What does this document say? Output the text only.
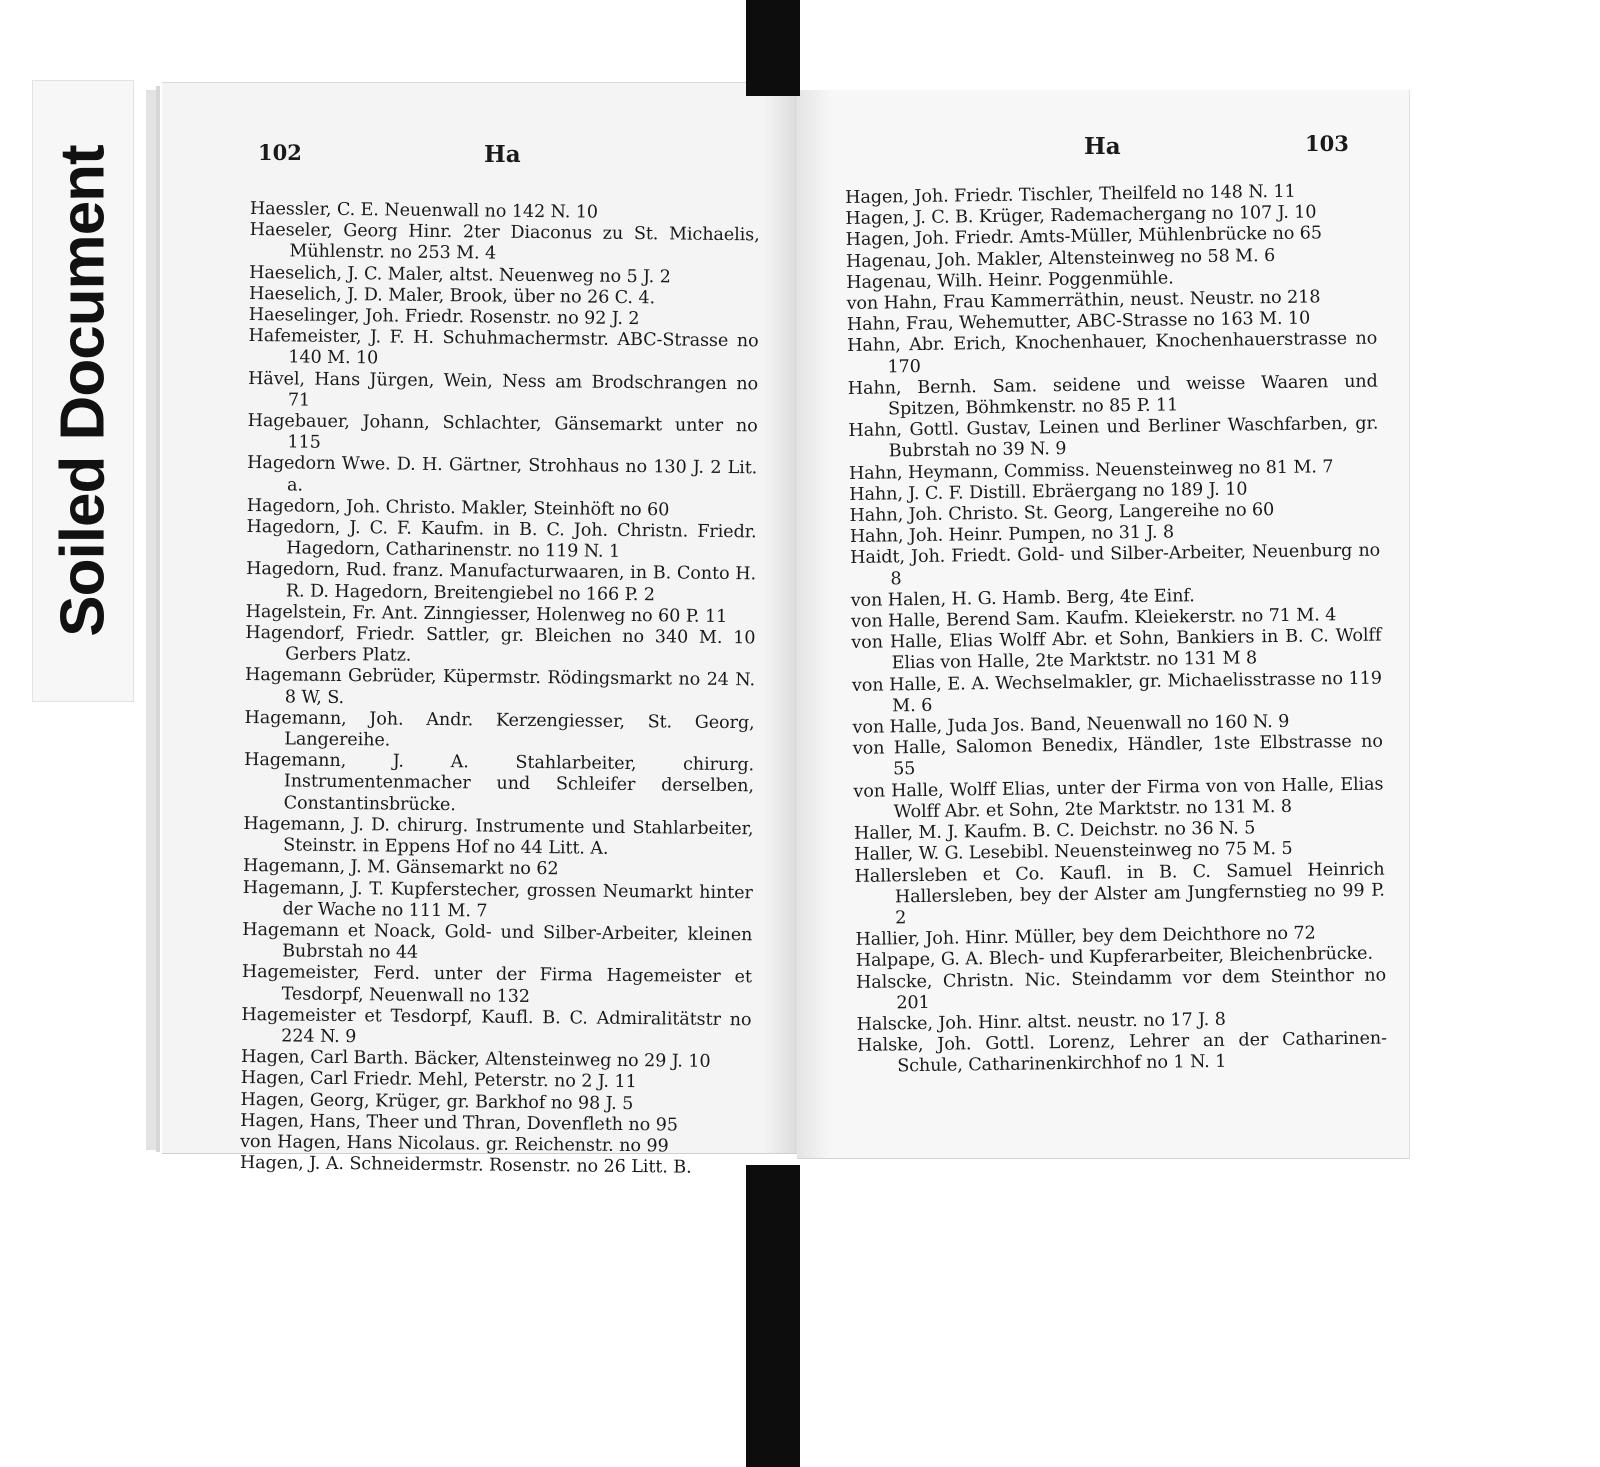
Soiled Document	102	Ha
Haessler, C. E. Neuenwall no 142 N. 10
Haeseler, Georg Hinr. 2ter Diaconus zu St. Michaelis, Mühlenstr. no 253 M. 4
Haeselich, J. C. Maler, altst. Neuenweg no 5 J. 2
Haeselich, J. D. Maler, Brook, über no 26 C. 4.
Haeselinger, Joh. Friedr. Rosenstr. no 92 J. 2
Hafemeister, J. F. H. Schuhmachermstr. ABC-Strasse no 140 M. 10
Hävel, Hans Jürgen, Wein, Ness am Brodschrangen no 71
Hagebauer, Johann, Schlachter, Gänsemarkt unter no 115
Hagedorn Wwe. D. H. Gärtner, Strohhaus no 130 J. 2 Lit. a.
Hagedorn, Joh. Christo. Makler, Steinhöft no 60
Hagedorn, J. C. F. Kaufm. in B. C. Joh. Christn. Friedr. Hagedorn, Catharinenstr. no 119 N. 1
Hagedorn, Rud. franz. Manufacturwaaren, in B. Conto H. R. D. Hagedorn, Breitengiebel no 166 P. 2
Hagelstein, Fr. Ant. Zinngiesser, Holenweg no 60 P. 11
Hagendorf, Friedr. Sattler, gr. Bleichen no 340 M. 10 Gerbers Platz.
Hagemann Gebrüder, Küpermstr. Rödingsmarkt no 24 N. 8 W, S.
Hagemann, Joh. Andr. Kerzengiesser, St. Georg, Langereihe.
Hagemann, J. A. Stahlarbeiter, chirurg. Instrumentenmacher und Schleifer derselben, Constantinsbrücke.
Hagemann, J. D. chirurg. Instrumente und Stahlarbeiter, Steinstr. in Eppens Hof no 44 Litt. A.
Hagemann, J. M. Gänsemarkt no 62
Hagemann, J. T. Kupferstecher, grossen Neumarkt hinter der Wache no 111 M. 7
Hagemann et Noack, Gold- und Silber-Arbeiter, kleinen Bubrstah no 44
Hagemeister, Ferd. unter der Firma Hagemeister et Tesdorpf, Neuenwall no 132
Hagemeister et Tesdorpf, Kaufl. B. C. Admiralitätstr no 224 N. 9
Hagen, Carl Barth. Bäcker, Altensteinweg no 29 J. 10
Hagen, Carl Friedr. Mehl, Peterstr. no 2 J. 11
Hagen, Georg, Krüger, gr. Barkhof no 98 J. 5
Hagen, Hans, Theer und Thran, Dovenfleth no 95
von Hagen, Hans Nicolaus. gr. Reichenstr. no 99
Hagen, J. A. Schneidermstr. Rosenstr. no 26 Litt. B.
Ha	103
Hagen, Joh. Friedr. Tischler, Theilfeld no 148 N. 11
Hagen, J. C. B. Krüger, Rademachergang no 107 J. 10
Hagen, Joh. Friedr. Amts-Müller, Mühlenbrücke no 65
Hagenau, Joh. Makler, Altensteinweg no 58 M. 6
Hagenau, Wilh. Heinr. Poggenmühle.
von Hahn, Frau Kammerräthin, neust. Neustr. no 218
Hahn, Frau, Wehemutter, ABC-Strasse no 163 M. 10
Hahn, Abr. Erich, Knochenhauer, Knochenhauerstrasse no 170
Hahn, Bernh. Sam. seidene und weisse Waaren und Spitzen, Böhmkenstr. no 85 P. 11
Hahn, Gottl. Gustav, Leinen und Berliner Waschfarben, gr. Bubrstah no 39 N. 9
Hahn, Heymann, Commiss. Neuensteinweg no 81 M. 7
Hahn, J. C. F. Distill. Ebräergang no 189 J. 10
Hahn, Joh. Christo. St. Georg, Langereihe no 60
Hahn, Joh. Heinr. Pumpen, no 31 J. 8
Haidt, Joh. Friedt. Gold- und Silber-Arbeiter, Neuenburg no 8
von Halen, H. G. Hamb. Berg, 4te Einf.
von Halle, Berend Sam. Kaufm. Kleiekerstr. no 71 M. 4
von Halle, Elias Wolff Abr. et Sohn, Bankiers in B. C. Wolff Elias von Halle, 2te Marktstr. no 131 M 8
von Halle, E. A. Wechselmakler, gr. Michaelisstrasse no 119 M. 6
von Halle, Juda Jos. Band, Neuenwall no 160 N. 9
von Halle, Salomon Benedix, Händler, 1ste Elbstrasse no 55
von Halle, Wolff Elias, unter der Firma von von Halle, Elias Wolff Abr. et Sohn, 2te Marktstr. no 131 M. 8
Haller, M. J. Kaufm. B. C. Deichstr. no 36 N. 5
Haller, W. G. Lesebibl. Neuensteinweg no 75 M. 5
Hallersleben et Co. Kaufl. in B. C. Samuel Heinrich Hallersleben, bey der Alster am Jungfernstieg no 99 P. 2
Hallier, Joh. Hinr. Müller, bey dem Deichthore no 72
Halpape, G. A. Blech- und Kupferarbeiter, Bleichenbrücke.
Halscke, Christn. Nic. Steindamm vor dem Steinthor no 201
Halscke, Joh. Hinr. altst. neustr. no 17 J. 8
Halske, Joh. Gottl. Lorenz, Lehrer an der Catharinen-Schule, Catharinenkirchhof no 1 N. 1
